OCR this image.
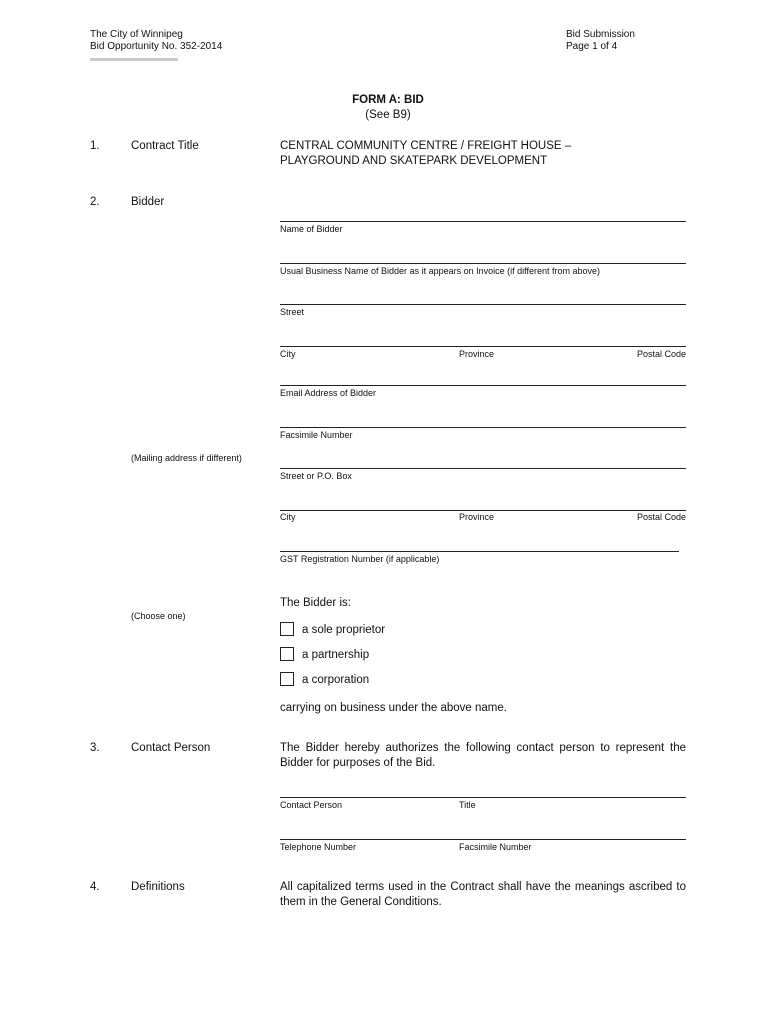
The City of Winnipeg
Bid Opportunity No. 352-2014
Bid Submission
Page 1 of 4
FORM A: BID
(See B9)
1.	Contract Title	CENTRAL COMMUNITY CENTRE / FREIGHT HOUSE –
PLAYGROUND AND SKATEPARK DEVELOPMENT
2.	Bidder
Name of Bidder
Usual Business Name of Bidder as it appears on Invoice (if different from above)
Street
City	Province	Postal Code
Email Address of Bidder
Facsimile Number
(Mailing address if different)
Street or P.O. Box
City	Province	Postal Code
GST Registration Number (if applicable)
The Bidder is:
(Choose one)
a sole proprietor
a partnership
a corporation
carrying on business under the above name.
3.	Contact Person	The Bidder hereby authorizes the following contact person to represent the Bidder for purposes of the Bid.
Contact Person	Title
Telephone Number	Facsimile Number
4.	Definitions	All capitalized terms used in the Contract shall have the meanings ascribed to them in the General Conditions.
